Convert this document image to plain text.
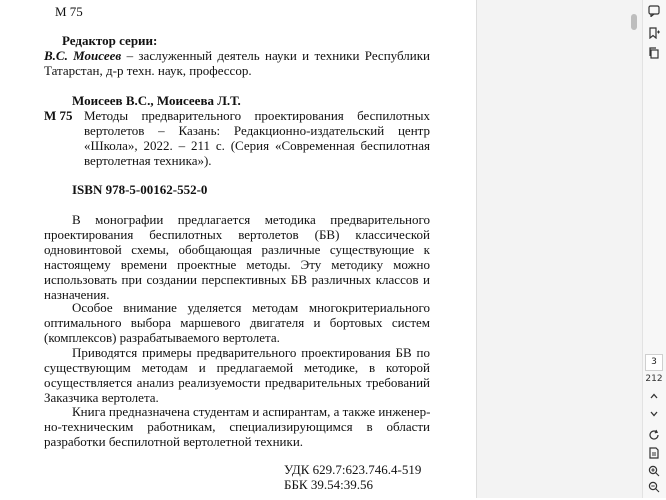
М 75
Редактор серии:
В.С. Моисеев – заслуженный деятель науки и техники Республики
Татарстан, д-р техн. наук, профессор.
Моисеев В.С., Моисеева Л.Т.
М 75 Методы предварительного проектирования беспилотных
вертолетов – Казань: Редакционно-издательский центр
«Школа», 2022. – 211 с. (Серия «Современная беспилотная
вертолетная техника»).
ISBN 978-5-00162-552-0
В монографии предлагается методика предварительного
проектирования беспилотных вертолетов (БВ) классической
одновинтовой схемы, обобщающая различные существующие к
настоящему времени проектные методы. Эту методику можно
использовать при создании перспективных БВ различных классов и
назначения.
Особое внимание уделяется методам многокритериального
оптимального выбора маршевого двигателя и бортовых систем
(комплексов) разрабатываемого вертолета.
Приводятся примеры предварительного проектирования БВ по
существующим методам и предлагаемой методике, в которой
осуществляется анализ реализуемости предварительных требований
Заказчика вертолета.
Книга предназначена студентам и аспирантам, а также инженер-
но-техническим работникам, специализирующимся в области
разработки беспилотной вертолетной техники.
УДК 629.7:623.746.4-519
ББК 39.54:39.56
3
212
